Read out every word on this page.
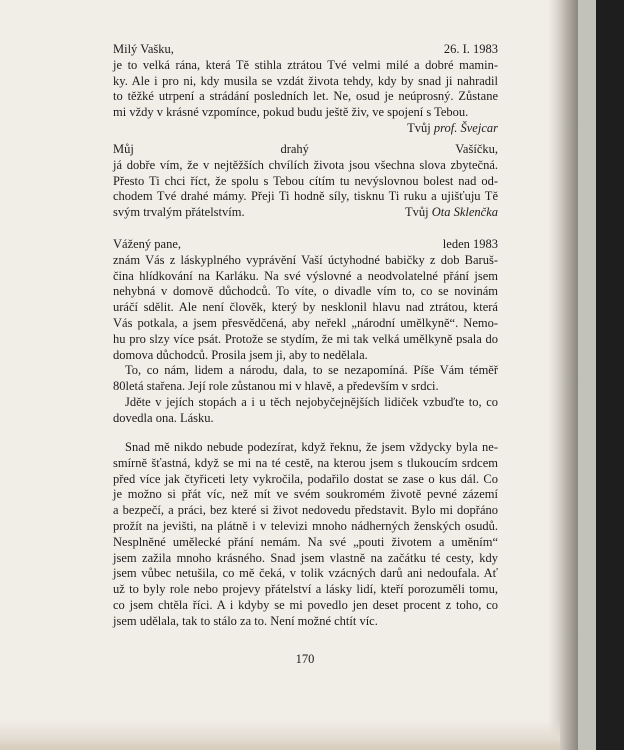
Milý Vašku,	26. I. 1983
je to velká rána, která Tě stihla ztrátou Tvé velmi milé a dobré mamin-
ky. Ale i pro ni, kdy musila se vzdát života tehdy, kdy by snad ji nahradil
to těžké utrpení a strádání posledních let. Ne, osud je neúprosný. Zůstane
mi vždy v krásné vzpomínce, pokud budu ještě živ, ve spojení s Tebou.
Tvůj prof. Švejcar
Můj drahý Vašíčku,
já dobře vím, že v nejtěžších chvílích života jsou všechna slova zbytečná.
Přesto Ti chci říct, že spolu s Tebou cítím tu nevýslovnou bolest nad od-
chodem Tvé drahé mámy. Přeji Ti hodně síly, tisknu Ti ruku a ujišťuju Tě
svým trvalým přátelstvím.	Tvůj Ota Sklenčka
Vážený pane,	leden 1983
znám Vás z láskyplného vyprávění Vaší úctyhodné babičky z dob Baruš-
čina hlídkování na Karláku. Na své výslovné a neodvolatelné přání jsem
nehybná v domově důchodců. To víte, o divadle vím to, co se novinám
uráčí sdělit. Ale není člověk, který by nesklonil hlavu nad ztrátou, která
Vás potkala, a jsem přesvědčená, aby neřekl „národní umělkyně“. Nemo-
hu pro slzy více psát. Protože se stydím, že mi tak velká umělkyně psala do
domova důchodců. Prosila jsem ji, aby to nedělala.
To, co nám, lidem a národu, dala, to se nezapomíná. Píše Vám téměř
80letá stařena. Její role zůstanou mi v hlavě, a především v srdci.
Jděte v jejích stopách a i u těch nejobyčejnějších lidiček vzbuďte to, co
dovedla ona. Lásku.
Snad mě nikdo nebude podezírat, když řeknu, že jsem vždycky byla ne-
smírně šťastná, když se mi na té cestě, na kterou jsem s tlukoucím srdcem
před více jak čtyřiceti lety vykročila, podařilo dostat se zase o kus dál. Co
je možno si přát víc, než mít ve svém soukromém životě pevné zázemí
a bezpečí, a práci, bez které si život nedovedu představit. Bylo mi dopřáno
prožít na jevišti, na plátně i v televizi mnoho nádherných ženských osudů.
Nesplněné umělecké přání nemám. Na své „pouti životem a uměním“
jsem zažila mnoho krásného. Snad jsem vlastně na začátku té cesty, kdy
jsem vůbec netušila, co mě čeká, v tolik vzácných darů ani nedoufala. Ať
už to byly role nebo projevy přátelství a lásky lidí, kteří porozuměli tomu,
co jsem chtěla říci. A i kdyby se mi povedlo jen deset procent z toho, co
jsem udělala, tak to stálo za to. Není možné chtít víc.
170
